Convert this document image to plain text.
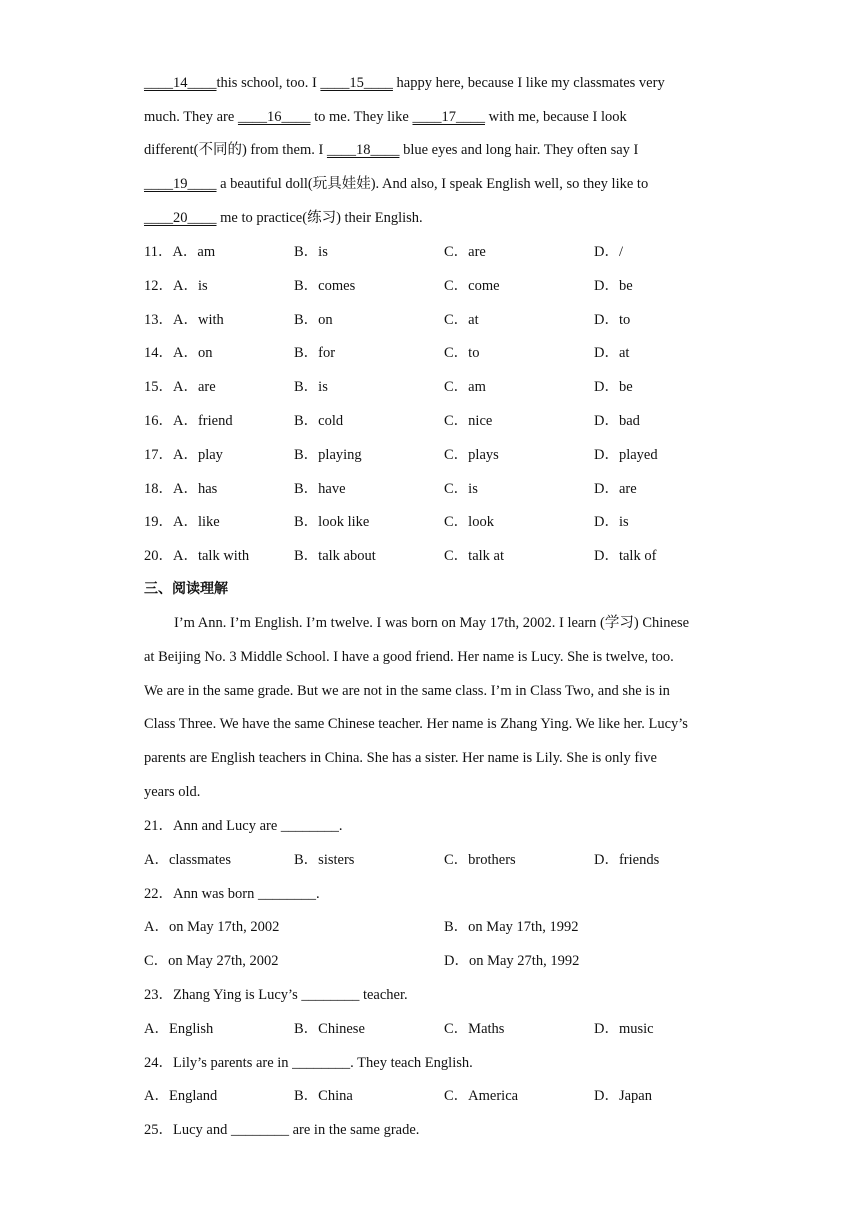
____14____this school, too. I ____15____ happy here, because I like my classmates very
much. They are ____16____ to me. They like ____17____ with me, because I look
different(不同的) from them. I ____18____ blue eyes and long hair. They often say I
____19____ a beautiful doll(玩具娃娃). And also, I speak English well, so they like to
____20____ me to practice(练习) their English.
11．A．am	B．is	C．are	D．/
12．A．is	B．comes	C．come	D．be
13．A．with	B．on	C．at	D．to
14．A．on	B．for	C．to	D．at
15．A．are	B．is	C．am	D．be
16．A．friend	B．cold	C．nice	D．bad
17．A．play	B．playing	C．plays	D．played
18．A．has	B．have	C．is	D．are
19．A．like	B．look like	C．look	D．is
20．A．talk with	B．talk about	C．talk at	D．talk of
三、阅读理解
I’m Ann. I’m English. I’m twelve. I was born on May 17th, 2002. I learn (学习) Chinese
at Beijing No. 3 Middle School. I have a good friend. Her name is Lucy. She is twelve, too.
We are in the same grade. But we are not in the same class. I’m in Class Two, and she is in
Class Three. We have the same Chinese teacher. Her name is Zhang Ying. We like her. Lucy’s
parents are English teachers in China. She has a sister. Her name is Lily. She is only five
years old.
21．Ann and Lucy are ________.
A．classmates	B．sisters	C．brothers	D．friends
22．Ann was born ________.
A．on May 17th, 2002	B．on May 17th, 1992
C．on May 27th, 2002	D．on May 27th, 1992
23．Zhang Ying is Lucy’s ________ teacher.
A．English	B．Chinese	C．Maths	D．music
24．Lily’s parents are in ________. They teach English.
A．England	B．China	C．America	D．Japan
25．Lucy and ________ are in the same grade.
